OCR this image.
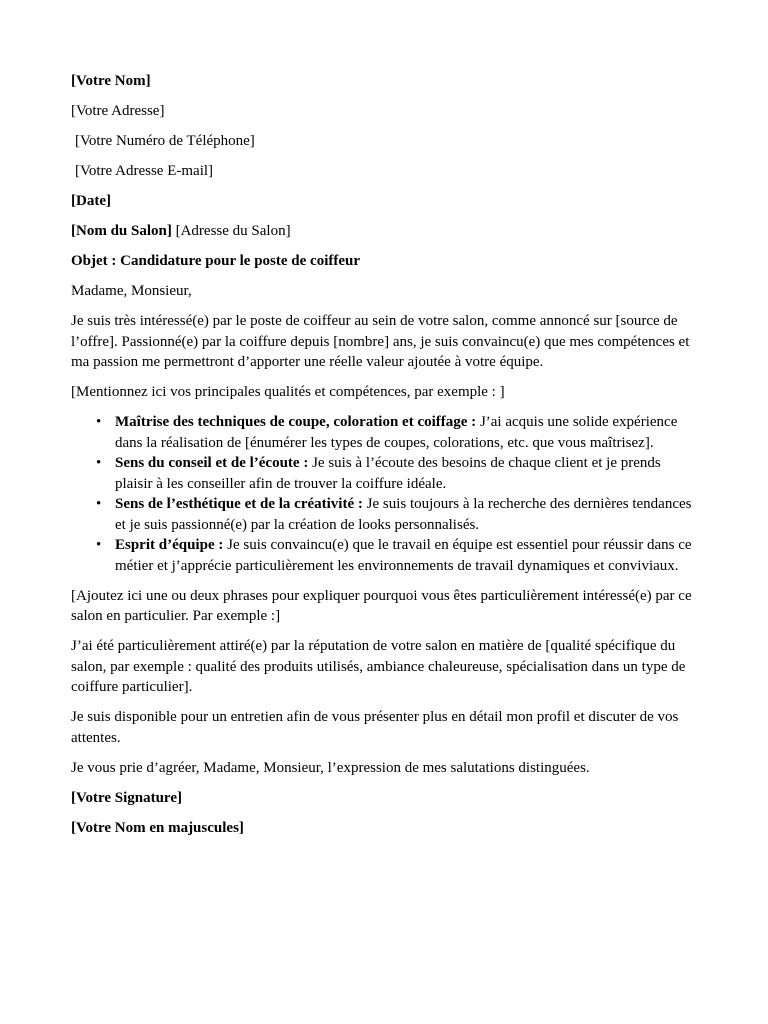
[Votre Nom]

[Votre Adresse]

[Votre Numéro de Téléphone]

[Votre Adresse E-mail]

[Date]

[Nom du Salon] [Adresse du Salon]

Objet : Candidature pour le poste de coiffeur

Madame, Monsieur,

Je suis très intéressé(e) par le poste de coiffeur au sein de votre salon, comme annoncé sur [source de l’offre]. Passionné(e) par la coiffure depuis [nombre] ans, je suis convaincu(e) que mes compétences et ma passion me permettront d’apporter une réelle valeur ajoutée à votre équipe.

[Mentionnez ici vos principales qualités et compétences, par exemple : ]

• Maîtrise des techniques de coupe, coloration et coiffage : J’ai acquis une solide expérience dans la réalisation de [énumérer les types de coupes, colorations, etc. que vous maîtrisez].
• Sens du conseil et de l’écoute : Je suis à l’écoute des besoins de chaque client et je prends plaisir à les conseiller afin de trouver la coiffure idéale.
• Sens de l’esthétique et de la créativité : Je suis toujours à la recherche des dernières tendances et je suis passionné(e) par la création de looks personnalisés.
• Esprit d’équipe : Je suis convaincu(e) que le travail en équipe est essentiel pour réussir dans ce métier et j’apprécie particulièrement les environnements de travail dynamiques et conviviaux.

[Ajoutez ici une ou deux phrases pour expliquer pourquoi vous êtes particulièrement intéressé(e) par ce salon en particulier. Par exemple :]

J’ai été particulièrement attiré(e) par la réputation de votre salon en matière de [qualité spécifique du salon, par exemple : qualité des produits utilisés, ambiance chaleureuse, spécialisation dans un type de coiffure particulier].

Je suis disponible pour un entretien afin de vous présenter plus en détail mon profil et discuter de vos attentes.

Je vous prie d’agréer, Madame, Monsieur, l’expression de mes salutations distinguées.

[Votre Signature]

[Votre Nom en majuscules]
